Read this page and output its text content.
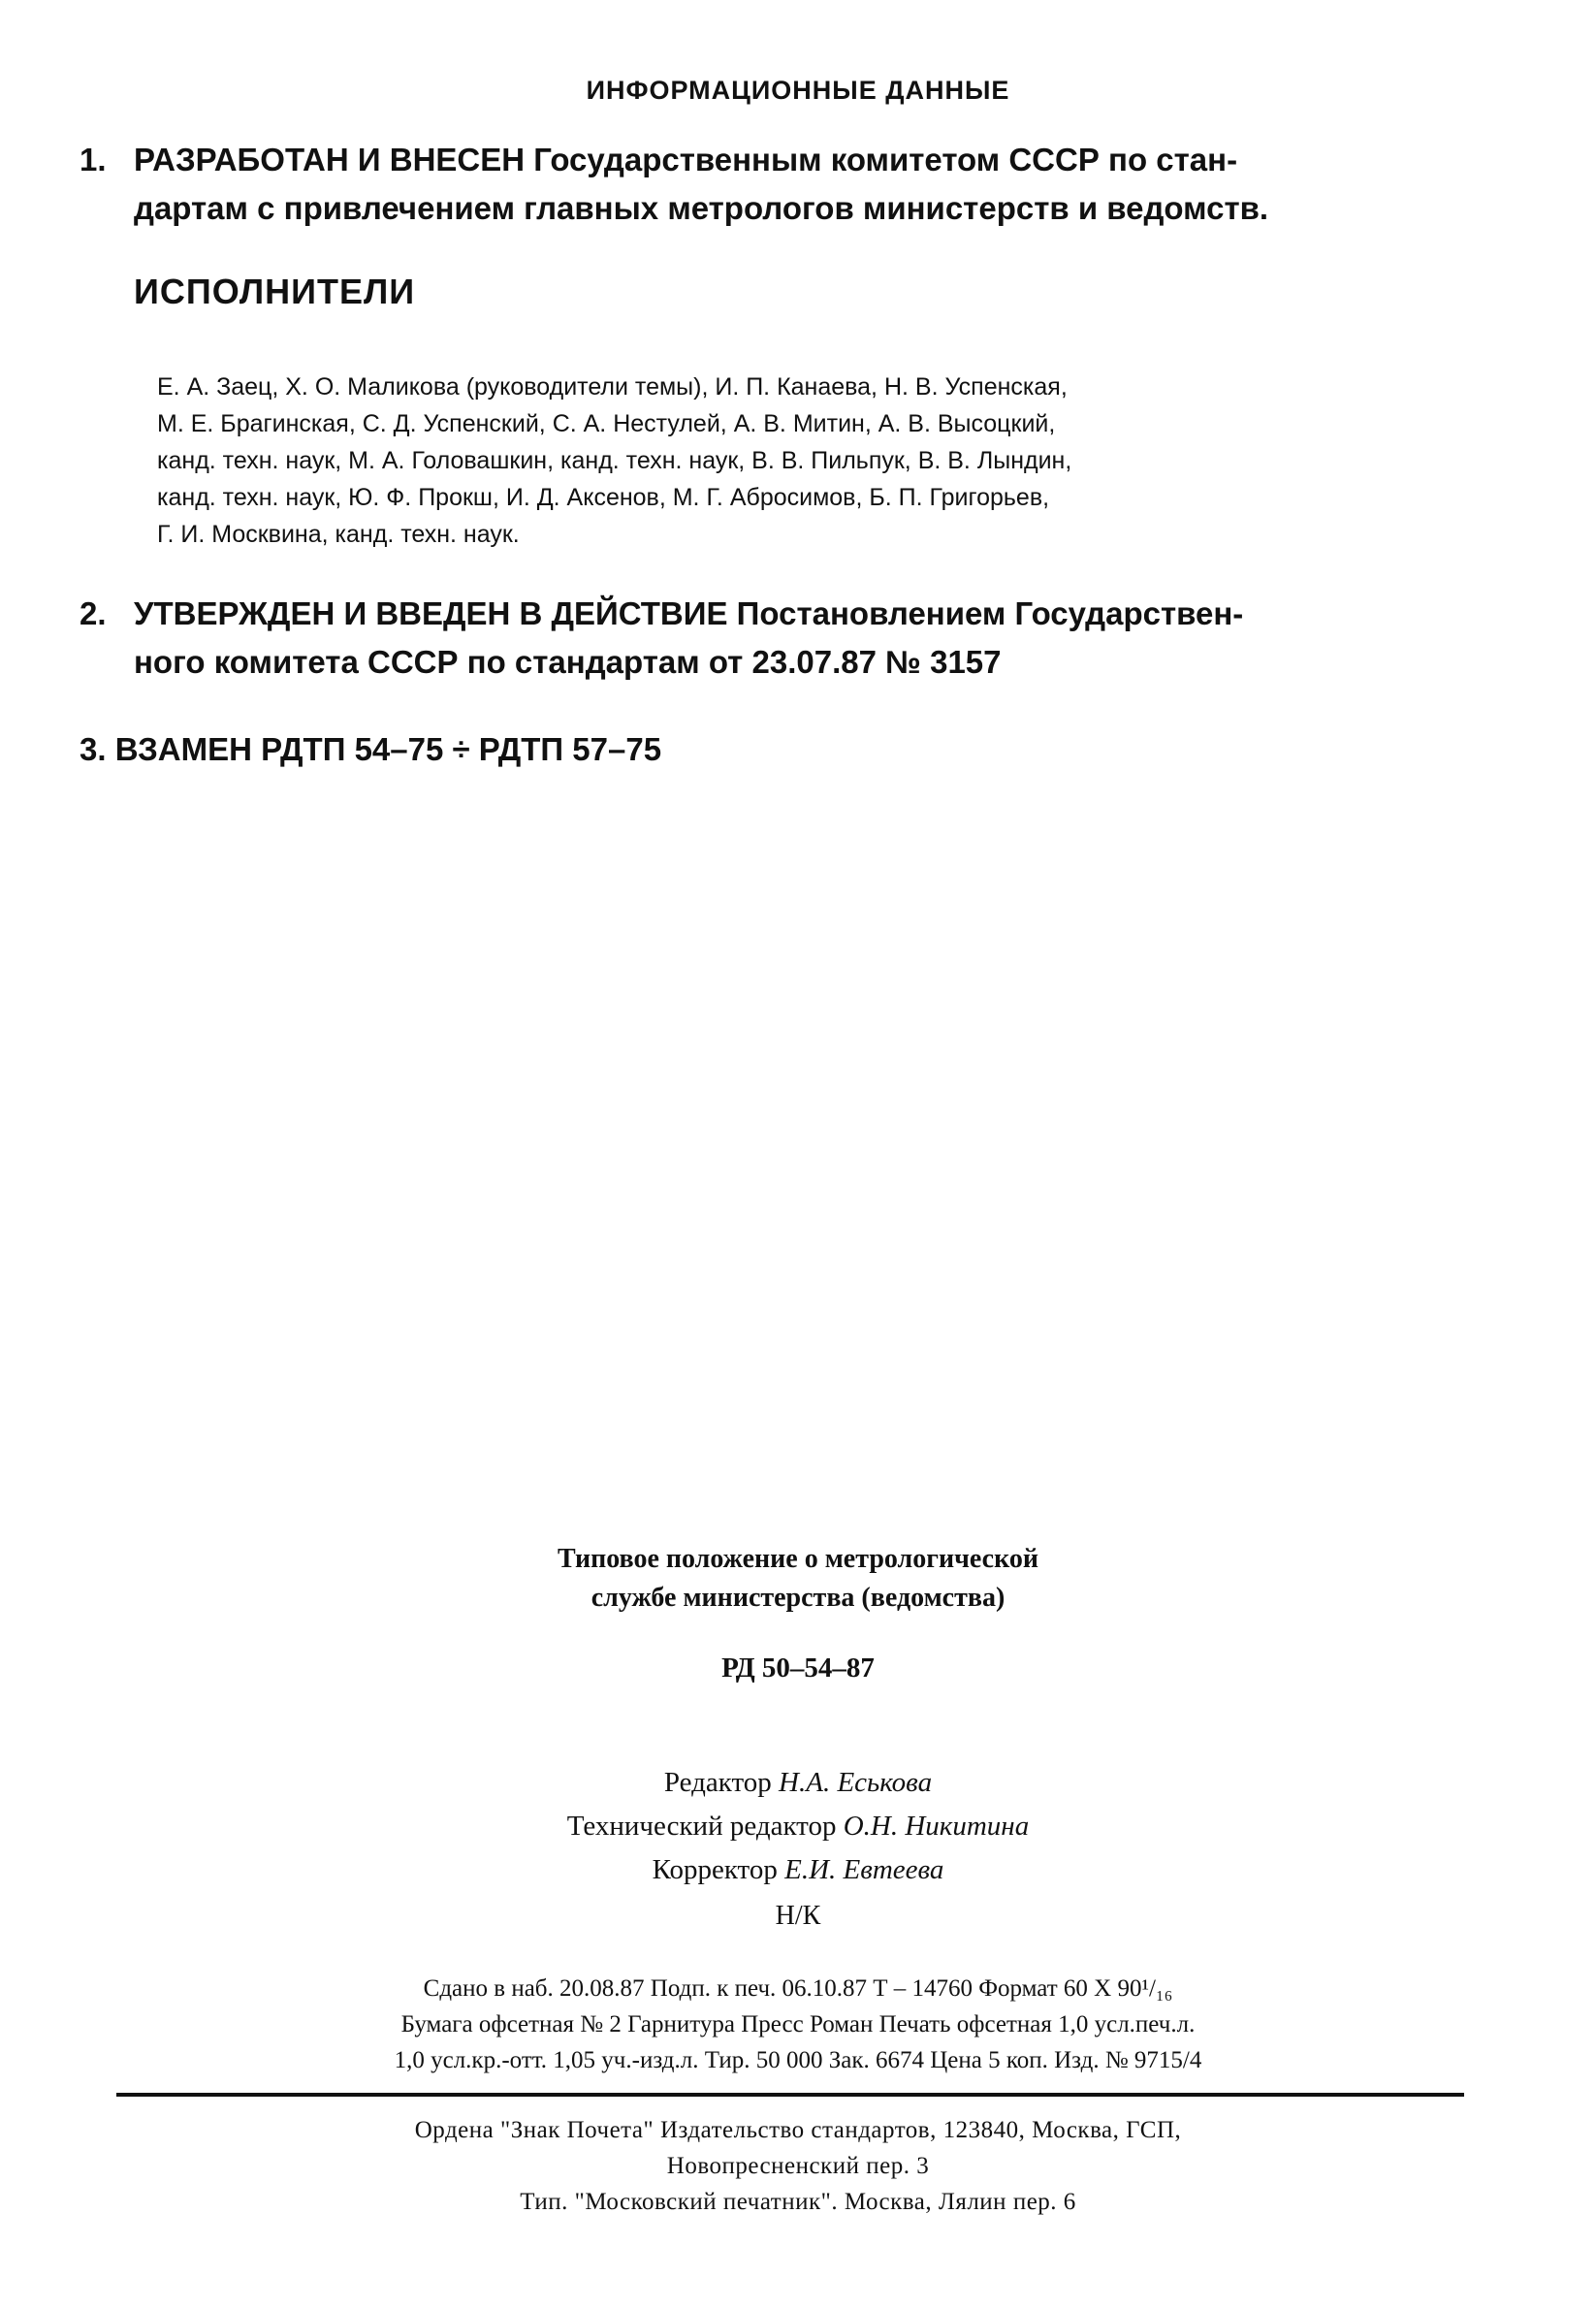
ИНФОРМАЦИОННЫЕ ДАННЫЕ
1. РАЗРАБОТАН И ВНЕСЕН Государственным комитетом СССР по стан-
дартам с привлечением главных метрологов министерств и ведомств.
ИСПОЛНИТЕЛИ
Е. А. Заец, Х. О. Маликова (руководители темы), И. П. Канаева, Н. В. Успенская,
М. Е. Брагинская, С. Д. Успенский, С. А. Нестулей, А. В. Митин, А. В. Высоцкий,
канд. техн. наук, М. А. Головашкин, канд. техн. наук, В. В. Пильпук, В. В. Лындин,
канд. техн. наук, Ю. Ф. Прокш, И. Д. Аксенов, М. Г. Абросимов, Б. П. Григорьев,
Г. И. Москвина, канд. техн. наук.
2. УТВЕРЖДЕН И ВВЕДЕН В ДЕЙСТВИЕ Постановлением Государствен-
ного комитета СССР по стандартам от 23.07.87 № 3157
3. ВЗАМЕН РДТП 54–75 ÷ РДТП 57–75
Типовое положение о метрологической
службе министерства (ведомства)
РД 50–54–87
Редактор Н.А. Еськова
Технический редактор О.Н. Никитина
Корректор Е.И. Евтеева
Н/К
Сдано в наб. 20.08.87 Подп. к печ. 06.10.87 Т – 14760 Формат 60 X 90¹/₁₆
Бумага офсетная № 2 Гарнитура Пресс Роман Печать офсетная 1,0 усл.печ.л.
1,0 усл.кр.-отт. 1,05 уч.-изд.л. Тир. 50 000 Зак. 6674 Цена 5 коп. Изд. № 9715/4
Ордена "Знак Почета" Издательство стандартов, 123840, Москва, ГСП,
Новопресненский пер. 3
Тип. "Московский печатник". Москва, Лялин пер. 6
